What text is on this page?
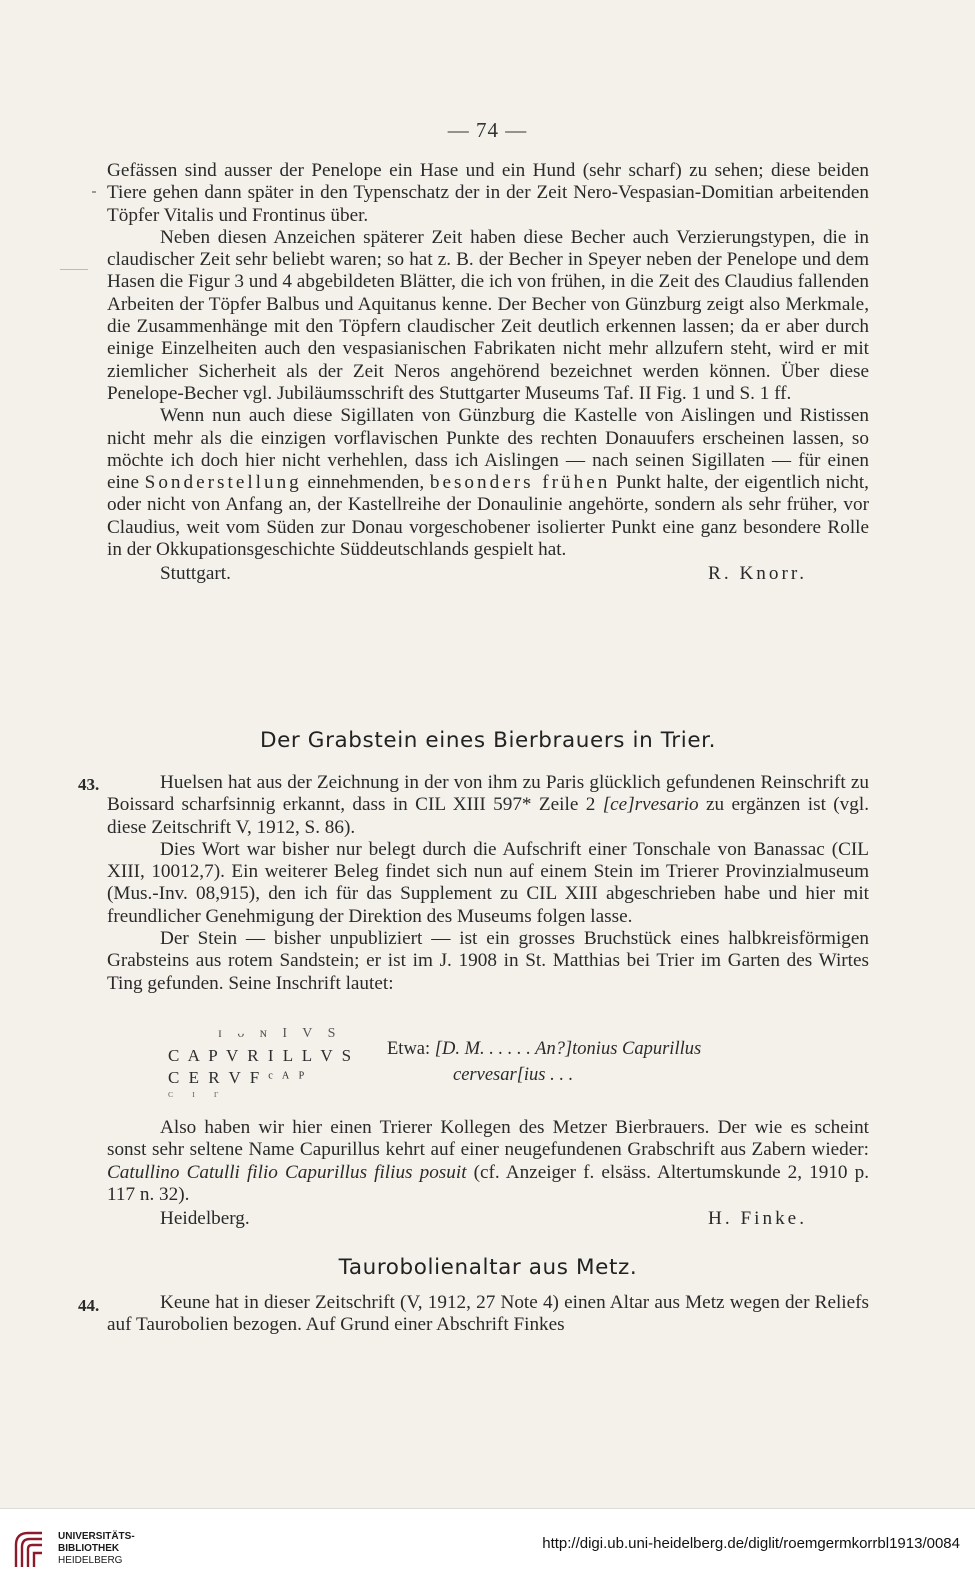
— 74 —

Gefässen sind ausser der Penelope ein Hase und ein Hund (sehr scharf) zu sehen; diese beiden Tiere gehen dann später in den Typenschatz der in der Zeit Nero-Vespasian-Domitian arbeitenden Töpfer Vitalis und Frontinus über.

Neben diesen Anzeichen späterer Zeit haben diese Becher auch Verzierungstypen, die in claudischer Zeit sehr beliebt waren; so hat z. B. der Becher in Speyer neben der Penelope und dem Hasen die Figur 3 und 4 abgebildeten Blätter, die ich von frühen, in die Zeit des Claudius fallenden Arbeiten der Töpfer Balbus und Aquitanus kenne. Der Becher von Günzburg zeigt also Merkmale, die Zusammenhänge mit den Töpfern claudischer Zeit deutlich erkennen lassen; da er aber durch einige Einzelheiten auch den vespasianischen Fabrikaten nicht mehr allzufern steht, wird er mit ziemlicher Sicherheit als der Zeit Neros angehörend bezeichnet werden können. Über diese Penelope-Becher vgl. Jubiläumsschrift des Stuttgarter Museums Taf. II Fig. 1 und S. 1 ff.

Wenn nun auch diese Sigillaten von Günzburg die Kastelle von Aislingen und Ristissen nicht mehr als die einzigen vorflavischen Punkte des rechten Donauufers erscheinen lassen, so möchte ich doch hier nicht verhehlen, dass ich Aislingen — nach seinen Sigillaten — für einen eine Sonderstellung einnehmenden, besonders frühen Punkt halte, der eigentlich nicht, oder nicht von Anfang an, der Kastellreihe der Donaulinie angehörte, sondern als sehr früher, vor Claudius, weit vom Süden zur Donau vorgeschobener isolierter Punkt eine ganz besondere Rolle in der Okkupationsgeschichte Süddeutschlands gespielt hat.

Stuttgart.	R. Knorr.
Der Grabstein eines Bierbrauers in Trier.
43.	Huelsen hat aus der Zeichnung in der von ihm zu Paris glücklich gefundenen Reinschrift zu Boissard scharfsinnig erkannt, dass in CIL XIII 597* Zeile 2 [ce]rvesario zu ergänzen ist (vgl. diese Zeitschrift V, 1912, S. 86).

Dies Wort war bisher nur belegt durch die Aufschrift einer Tonschale von Banassac (CIL XIII, 10012,7). Ein weiterer Beleg findet sich nun auf einem Stein im Trierer Provinzialmuseum (Mus.-Inv. 08,915), den ich für das Supplement zu CIL XIII abgeschrieben habe und hier mit freundlicher Genehmigung der Direktion des Museums folgen lasse.

Der Stein — bisher unpubliziert — ist ein grosses Bruchstück eines halbkreisförmigen Grabsteins aus rotem Sandstein; er ist im J. 1908 in St. Matthias bei Trier im Garten des Wirtes Ting gefunden. Seine Inschrift lautet:

ɪ ᴗ ɴ I V S
C A P V R I L L V S
C E R V F ᶜ ᴬ ᴾ
ᴄ ɪ ᴦ
Etwa: [D. M. . . . . . An?]tonius Capurillus
cervesar[ius . . .

Also haben wir hier einen Trierer Kollegen des Metzer Bierbrauers. Der wie es scheint sonst sehr seltene Name Capurillus kehrt auf einer neugefundenen Grabschrift aus Zabern wieder: Catullino Catulli filio Capurillus filius posuit (cf. Anzeiger f. elsäss. Altertumskunde 2, 1910 p. 117 n. 32).

Heidelberg.	H. Finke.
Taurobolienaltar aus Metz.
44.	Keune hat in dieser Zeitschrift (V, 1912, 27 Note 4) einen Altar aus Metz wegen der Reliefs auf Taurobolien bezogen. Auf Grund einer Abschrift Finkes

UNIVERSITÄTS-
BIBLIOTHEK
HEIDELBERG
http://digi.ub.uni-heidelberg.de/diglit/roemgermkorrbl1913/0084
